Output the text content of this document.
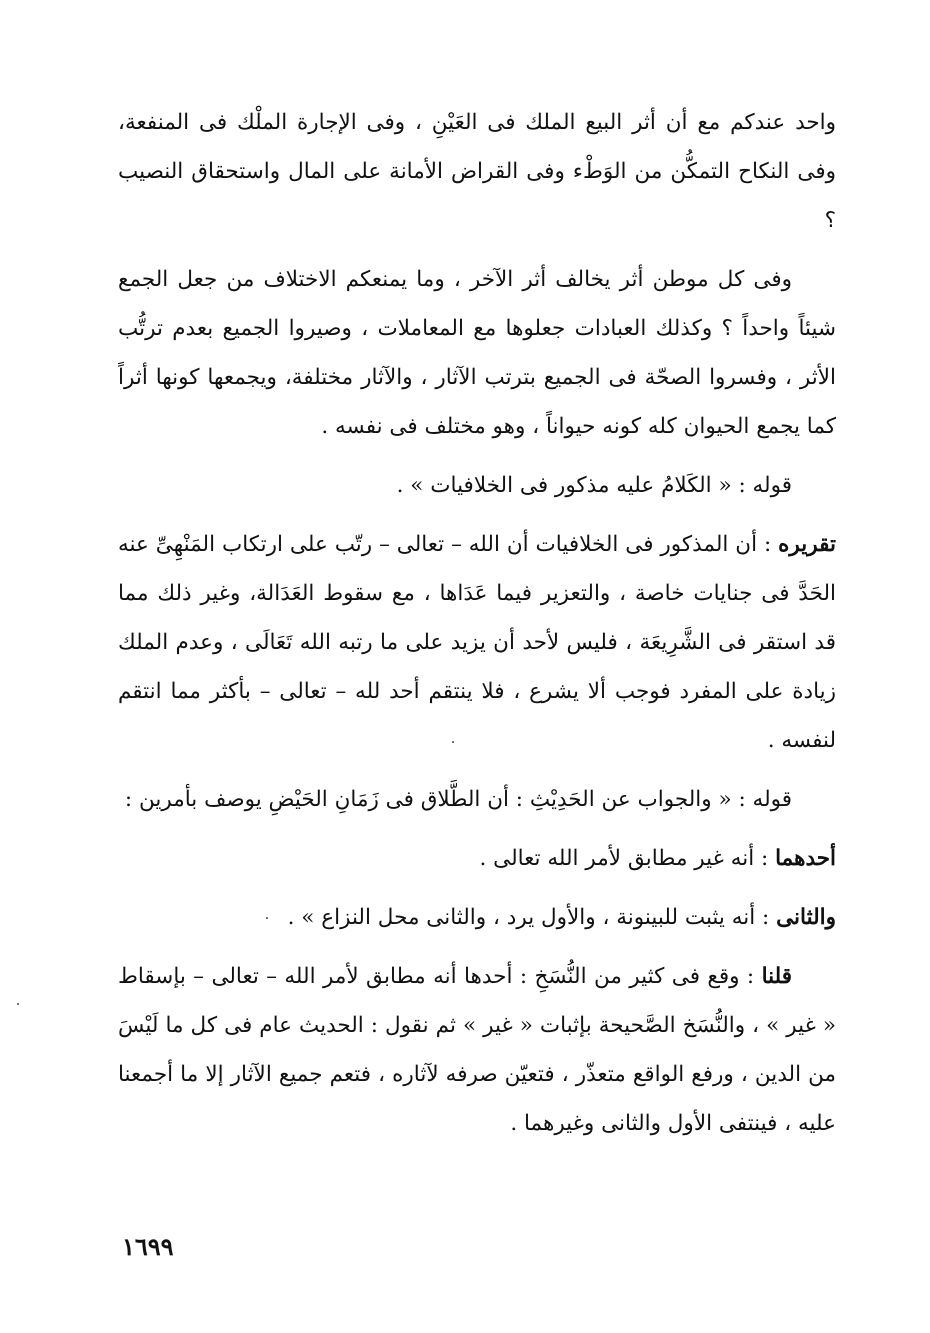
واحد عندكم مع أن أثر البيع الملك فى العَيْنِ ، وفى الإجارة الملْك فى المنفعة، وفى النكاح التمكُّن من الوَطْء وفى القراض الأمانة على المال واستحقاق النصيب ؟

وفى كل موطن أثر يخالف أثر الآخر ، وما يمنعكم الاختلاف من جعل الجمع شيئاً واحداً ؟ وكذلك العبادات جعلوها مع المعاملات ، وصيروا الجميع بعدم ترتُّب الأثر ، وفسروا الصحّة فى الجميع بترتب الآثار ، والآثار مختلفة، ويجمعها كونها أثراً كما يجمع الحيوان كله كونه حيواناً ، وهو مختلف فى نفسه .

قوله : « الكَلامُ عليه مذكور فى الخلافيات » .

تقريره : أن المذكور فى الخلافيات أن الله – تعالى – رتّب على ارتكاب المَنْهِىِّ عنه الحَدَّ فى جنايات خاصة ، والتعزير فيما عَدَاها ، مع سقوط العَدَالة، وغير ذلك مما قد استقر فى الشَّرِيعَة ، فليس لأحد أن يزيد على ما رتبه الله تَعَالَى ، وعدم الملك زيادة على المفرد فوجب ألا يشرع ، فلا ينتقم أحد لله – تعالى – بأكثر مما انتقم لنفسه .

قوله : « والجواب عن الحَدِيْثِ : أن الطَّلاق فى زَمَانِ الحَيْضِ يوصف بأمرين :

أحدهما : أنه غير مطابق لأمر الله تعالى .

والثانى : أنه يثبت للبينونة ، والأول يرد ، والثانى محل النزاع » .

قلنا : وقع فى كثير من النُّسَخِ : أحدها أنه مطابق لأمر الله – تعالى – بإسقاط « غير » ، والنُّسَخ الصَّحيحة بإثبات « غير » ثم نقول : الحديث عام فى كل ما لَيْسَ من الدين ، ورفع الواقع متعذّر ، فتعيّن صرفه لآثاره ، فتعم جميع الآثار إلا ما أجمعنا عليه ، فينتفى الأول والثانى وغيرهما .

١٦٩٩
